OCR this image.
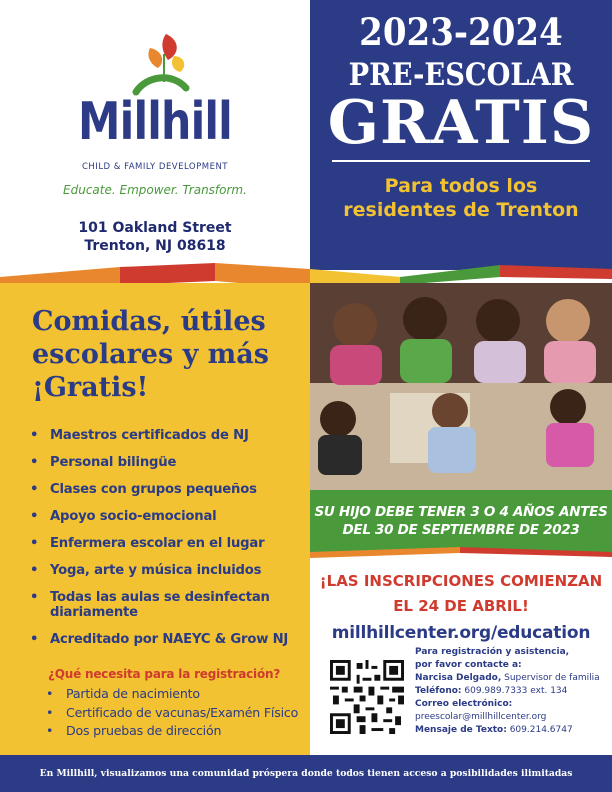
Millhill
CHILD & FAMILY DEVELOPMENT
Educate. Empower. Transform.
101 Oakland Street
Trenton, NJ 08618
2023-2024
PRE-ESCOLAR
GRATIS
Para todos los
residentes de Trenton
Comidas, útiles
escolares y más
¡Gratis!
• Maestros certificados de NJ
• Personal bilingüe
• Clases con grupos pequeños
• Apoyo socio-emocional
• Enfermera escolar en el lugar
• Yoga, arte y música incluidos
• Todas las aulas se desinfectan diariamente
• Acreditado por NAEYC & Grow NJ
¿Qué necesita para la registración?
• Partida de nacimiento
• Certificado de vacunas/Examén Físico
• Dos pruebas de dirección
SU HIJO DEBE TENER 3 O 4 AÑOS ANTES
DEL 30 DE SEPTIEMBRE DE 2023
¡LAS INSCRIPCIONES COMIENZAN
EL 24 DE ABRIL!
millhillcenter.org/education
Para registración y asistencia,
por favor contacte a:
Narcisa Delgado, Supervisor de familia
Teléfono: 609.989.7333 ext. 134
Correo electrónico:
preescolar@millhillcenter.org
Mensaje de Texto: 609.214.6747
En Millhill, visualizamos una comunidad próspera donde todos tienen acceso a posibilidades ilimitadas
